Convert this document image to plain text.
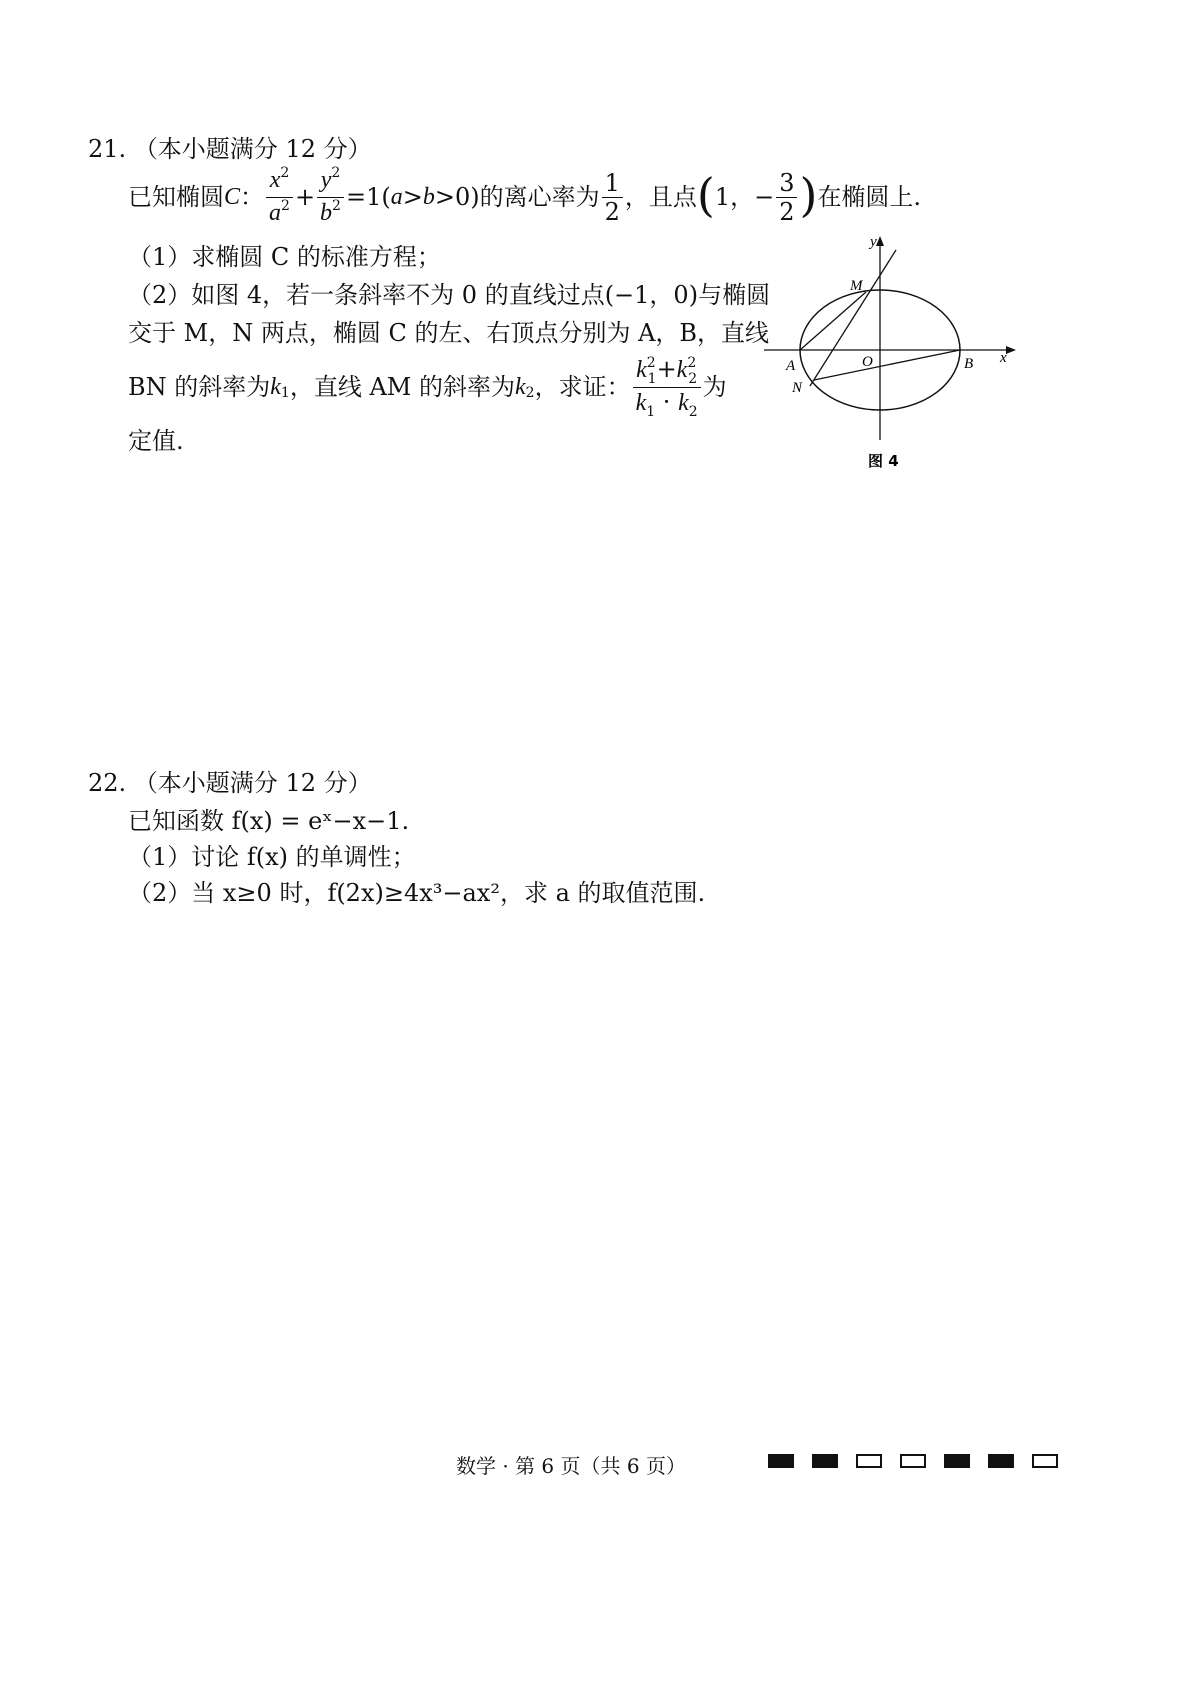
21. （本小题满分 12 分）
已知椭圆 C ： $\frac{x^2}{a^2} + \frac{y^2}{b^2} =1$( a > b >0) 的离心率为 $\frac{1}{2}$ ，且点 ( 1， − $\frac{3}{2}$ ) 在椭圆上.
（1）求椭圆 C 的标准方程；
（2）如图 4，若一条斜率不为 0 的直线过点(−1，0)与椭圆
交于 M，N 两点，椭圆 C 的左、右顶点分别为 A，B，直线
BN 的斜率为 k 1 ，直线 AM 的斜率为 k 2 ，求证： $\frac{k^2_1+k^2_2}{k_1 \cdot k_2}$ 为
定值.
y
x
M
N
A	B
O
图 4
22. （本小题满分 12 分）
已知函数 f(x) = eˣ−x−1.
（1）讨论 f(x) 的单调性；
（2）当 x≥0 时，f(2x)≥4x³−ax²，求 a 的取值范围.
数学 · 第 6 页（共 6 页）
